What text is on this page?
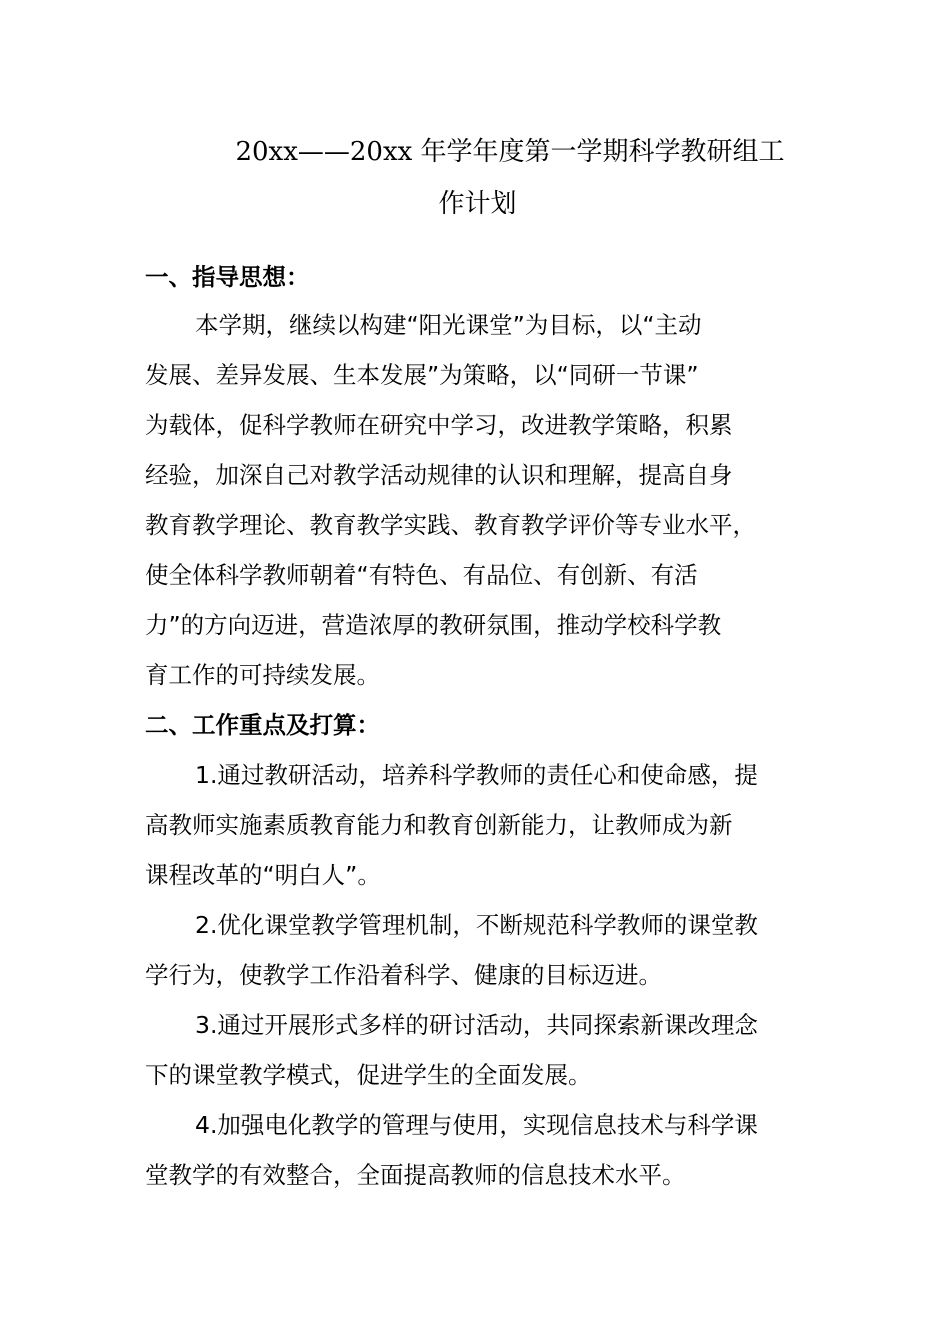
20xx——20xx 年学年度第一学期科学教研组工
作计划
一、指导思想：
本学期，继续以构建“阳光课堂”为目标，以“主动
发展、差异发展、生本发展”为策略，以“同研一节课”
为载体，促科学教师在研究中学习，改进教学策略，积累
经验，加深自己对教学活动规律的认识和理解，提高自身
教育教学理论、教育教学实践、教育教学评价等专业水平，
使全体科学教师朝着“有特色、有品位、有创新、有活
力”的方向迈进，营造浓厚的教研氛围，推动学校科学教
育工作的可持续发展。
二、工作重点及打算：
1.通过教研活动，培养科学教师的责任心和使命感，提
高教师实施素质教育能力和教育创新能力，让教师成为新
课程改革的“明白人”。
2.优化课堂教学管理机制，不断规范科学教师的课堂教
学行为，使教学工作沿着科学、健康的目标迈进。
3.通过开展形式多样的研讨活动，共同探索新课改理念
下的课堂教学模式，促进学生的全面发展。
4.加强电化教学的管理与使用，实现信息技术与科学课
堂教学的有效整合，全面提高教师的信息技术水平。
